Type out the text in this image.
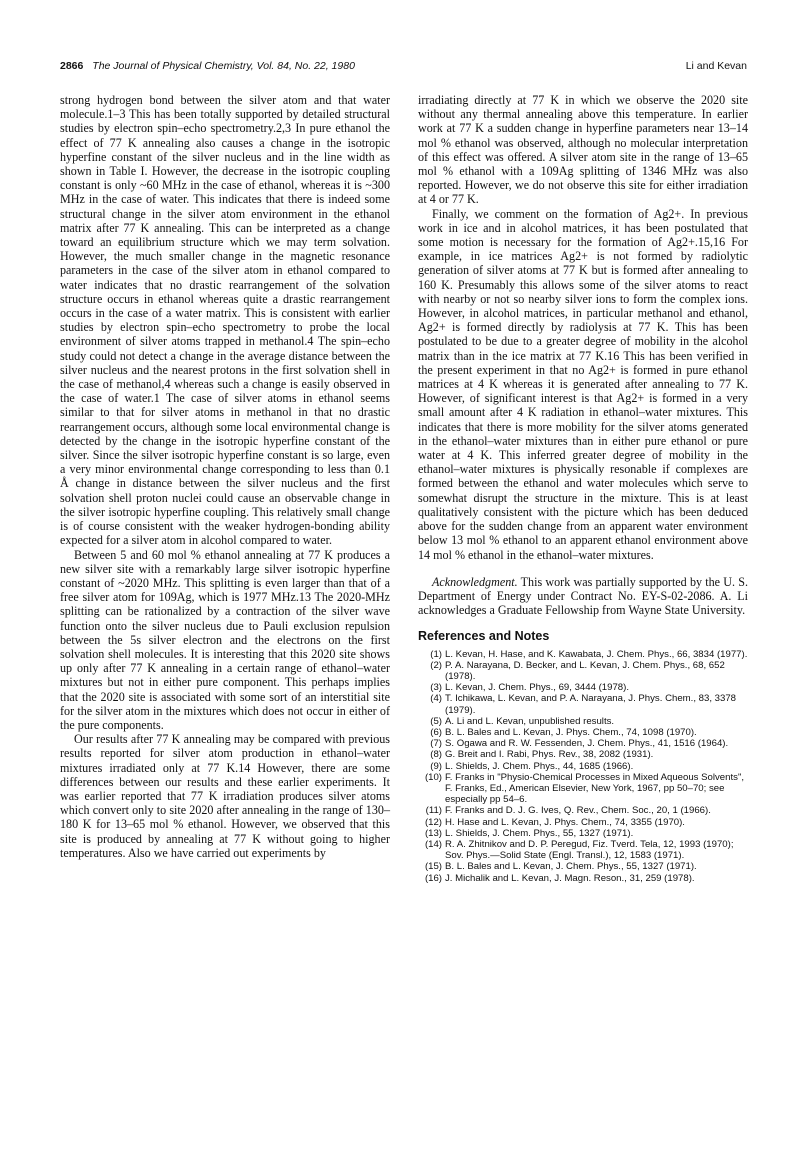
2866 The Journal of Physical Chemistry, Vol. 84, No. 22, 1980	Li and Kevan

strong hydrogen bond between the silver atom and that water molecule.1–3 This has been totally supported by detailed structural studies by electron spin–echo spectrometry.2,3 In pure ethanol the effect of 77 K annealing also causes a change in the isotropic hyperfine constant of the silver nucleus and in the line width as shown in Table I. However, the decrease in the isotropic coupling constant is only ~60 MHz in the case of ethanol, whereas it is ~300 MHz in the case of water. This indicates that there is indeed some structural change in the silver atom environment in the ethanol matrix after 77 K annealing. This can be interpreted as a change toward an equilibrium structure which we may term solvation. However, the much smaller change in the magnetic resonance parameters in the case of the silver atom in ethanol compared to water indicates that no drastic rearrangement of the solvation structure occurs in ethanol whereas quite a drastic rearrangement occurs in the case of a water matrix. This is consistent with earlier studies by electron spin–echo spectrometry to probe the local environment of silver atoms trapped in methanol.4 The spin–echo study could not detect a change in the average distance between the silver nucleus and the nearest protons in the first solvation shell in the case of methanol,4 whereas such a change is easily observed in the case of water.1 The case of silver atoms in ethanol seems similar to that for silver atoms in methanol in that no drastic rearrangement occurs, although some local environmental change is detected by the change in the isotropic hyperfine constant of the silver. Since the silver isotropic hyperfine constant is so large, even a very minor environmental change corresponding to less than 0.1 Å change in distance between the silver nucleus and the first solvation shell proton nuclei could cause an observable change in the silver isotropic hyperfine coupling. This relatively small change is of course consistent with the weaker hydrogen-bonding ability expected for a silver atom in alcohol compared to water.

Between 5 and 60 mol % ethanol annealing at 77 K produces a new silver site with a remarkably large silver isotropic hyperfine constant of ~2020 MHz. This splitting is even larger than that of a free silver atom for 109Ag, which is 1977 MHz.13 The 2020-MHz splitting can be rationalized by a contraction of the silver wave function onto the silver nucleus due to Pauli exclusion repulsion between the 5s silver electron and the electrons on the first solvation shell molecules. It is interesting that this 2020 site shows up only after 77 K annealing in a certain range of ethanol–water mixtures but not in either pure component. This perhaps implies that the 2020 site is associated with some sort of an interstitial site for the silver atom in the mixtures which does not occur in either of the pure components.

Our results after 77 K annealing may be compared with previous results reported for silver atom production in ethanol–water mixtures irradiated only at 77 K.14 However, there are some differences between our results and these earlier experiments. It was earlier reported that 77 K irradiation produces silver atoms which convert only to site 2020 after annealing in the range of 130–180 K for 13–65 mol % ethanol. However, we observed that this site is produced by annealing at 77 K without going to higher temperatures. Also we have carried out experiments by

irradiating directly at 77 K in which we observe the 2020 site without any thermal annealing above this temperature. In earlier work at 77 K a sudden change in hyperfine parameters near 13–14 mol % ethanol was observed, although no molecular interpretation of this effect was offered. A silver atom site in the range of 13–65 mol % ethanol with a 109Ag splitting of 1346 MHz was also reported. However, we do not observe this site for either irradiation at 4 or 77 K.

Finally, we comment on the formation of Ag2+. In previous work in ice and in alcohol matrices, it has been postulated that some motion is necessary for the formation of Ag2+.15,16 For example, in ice matrices Ag2+ is not formed by radiolytic generation of silver atoms at 77 K but is formed after annealing to 160 K. Presumably this allows some of the silver atoms to react with nearby or not so nearby silver ions to form the complex ions. However, in alcohol matrices, in particular methanol and ethanol, Ag2+ is formed directly by radiolysis at 77 K. This has been postulated to be due to a greater degree of mobility in the alcohol matrix than in the ice matrix at 77 K.16 This has been verified in the present experiment in that no Ag2+ is formed in pure ethanol matrices at 4 K whereas it is generated after annealing to 77 K. However, of significant interest is that Ag2+ is formed in a very small amount after 4 K radiation in ethanol–water mixtures. This indicates that there is more mobility for the silver atoms generated in the ethanol–water mixtures than in either pure ethanol or pure water at 4 K. This inferred greater degree of mobility in the ethanol–water mixtures is physically resonable if complexes are formed between the ethanol and water molecules which serve to somewhat disrupt the structure in the mixture. This is at least qualitatively consistent with the picture which has been deduced above for the sudden change from an apparent water environment below 13 mol % ethanol to an apparent ethanol environment above 14 mol % ethanol in the ethanol–water mixtures.

Acknowledgment. This work was partially supported by the U. S. Department of Energy under Contract No. EY-S-02-2086. A. Li acknowledges a Graduate Fellowship from Wayne State University.

References and Notes
(1) L. Kevan, H. Hase, and K. Kawabata, J. Chem. Phys., 66, 3834 (1977).
(2) P. A. Narayana, D. Becker, and L. Kevan, J. Chem. Phys., 68, 652 (1978).
(3) L. Kevan, J. Chem. Phys., 69, 3444 (1978).
(4) T. Ichikawa, L. Kevan, and P. A. Narayana, J. Phys. Chem., 83, 3378 (1979).
(5) A. Li and L. Kevan, unpublished results.
(6) B. L. Bales and L. Kevan, J. Phys. Chem., 74, 1098 (1970).
(7) S. Ogawa and R. W. Fessenden, J. Chem. Phys., 41, 1516 (1964).
(8) G. Breit and I. Rabi, Phys. Rev., 38, 2082 (1931).
(9) L. Shields, J. Chem. Phys., 44, 1685 (1966).
(10) F. Franks in "Physio-Chemical Processes in Mixed Aqueous Solvents", F. Franks, Ed., American Elsevier, New York, 1967, pp 50–70; see especially pp 54–6.
(11) F. Franks and D. J. G. Ives, Q. Rev., Chem. Soc., 20, 1 (1966).
(12) H. Hase and L. Kevan, J. Phys. Chem., 74, 3355 (1970).
(13) L. Shields, J. Chem. Phys., 55, 1327 (1971).
(14) R. A. Zhitnikov and D. P. Peregud, Fiz. Tverd. Tela, 12, 1993 (1970); Sov. Phys.—Solid State (Engl. Transl.), 12, 1583 (1971).
(15) B. L. Bales and L. Kevan, J. Chem. Phys., 55, 1327 (1971).
(16) J. Michalik and L. Kevan, J. Magn. Reson., 31, 259 (1978).
